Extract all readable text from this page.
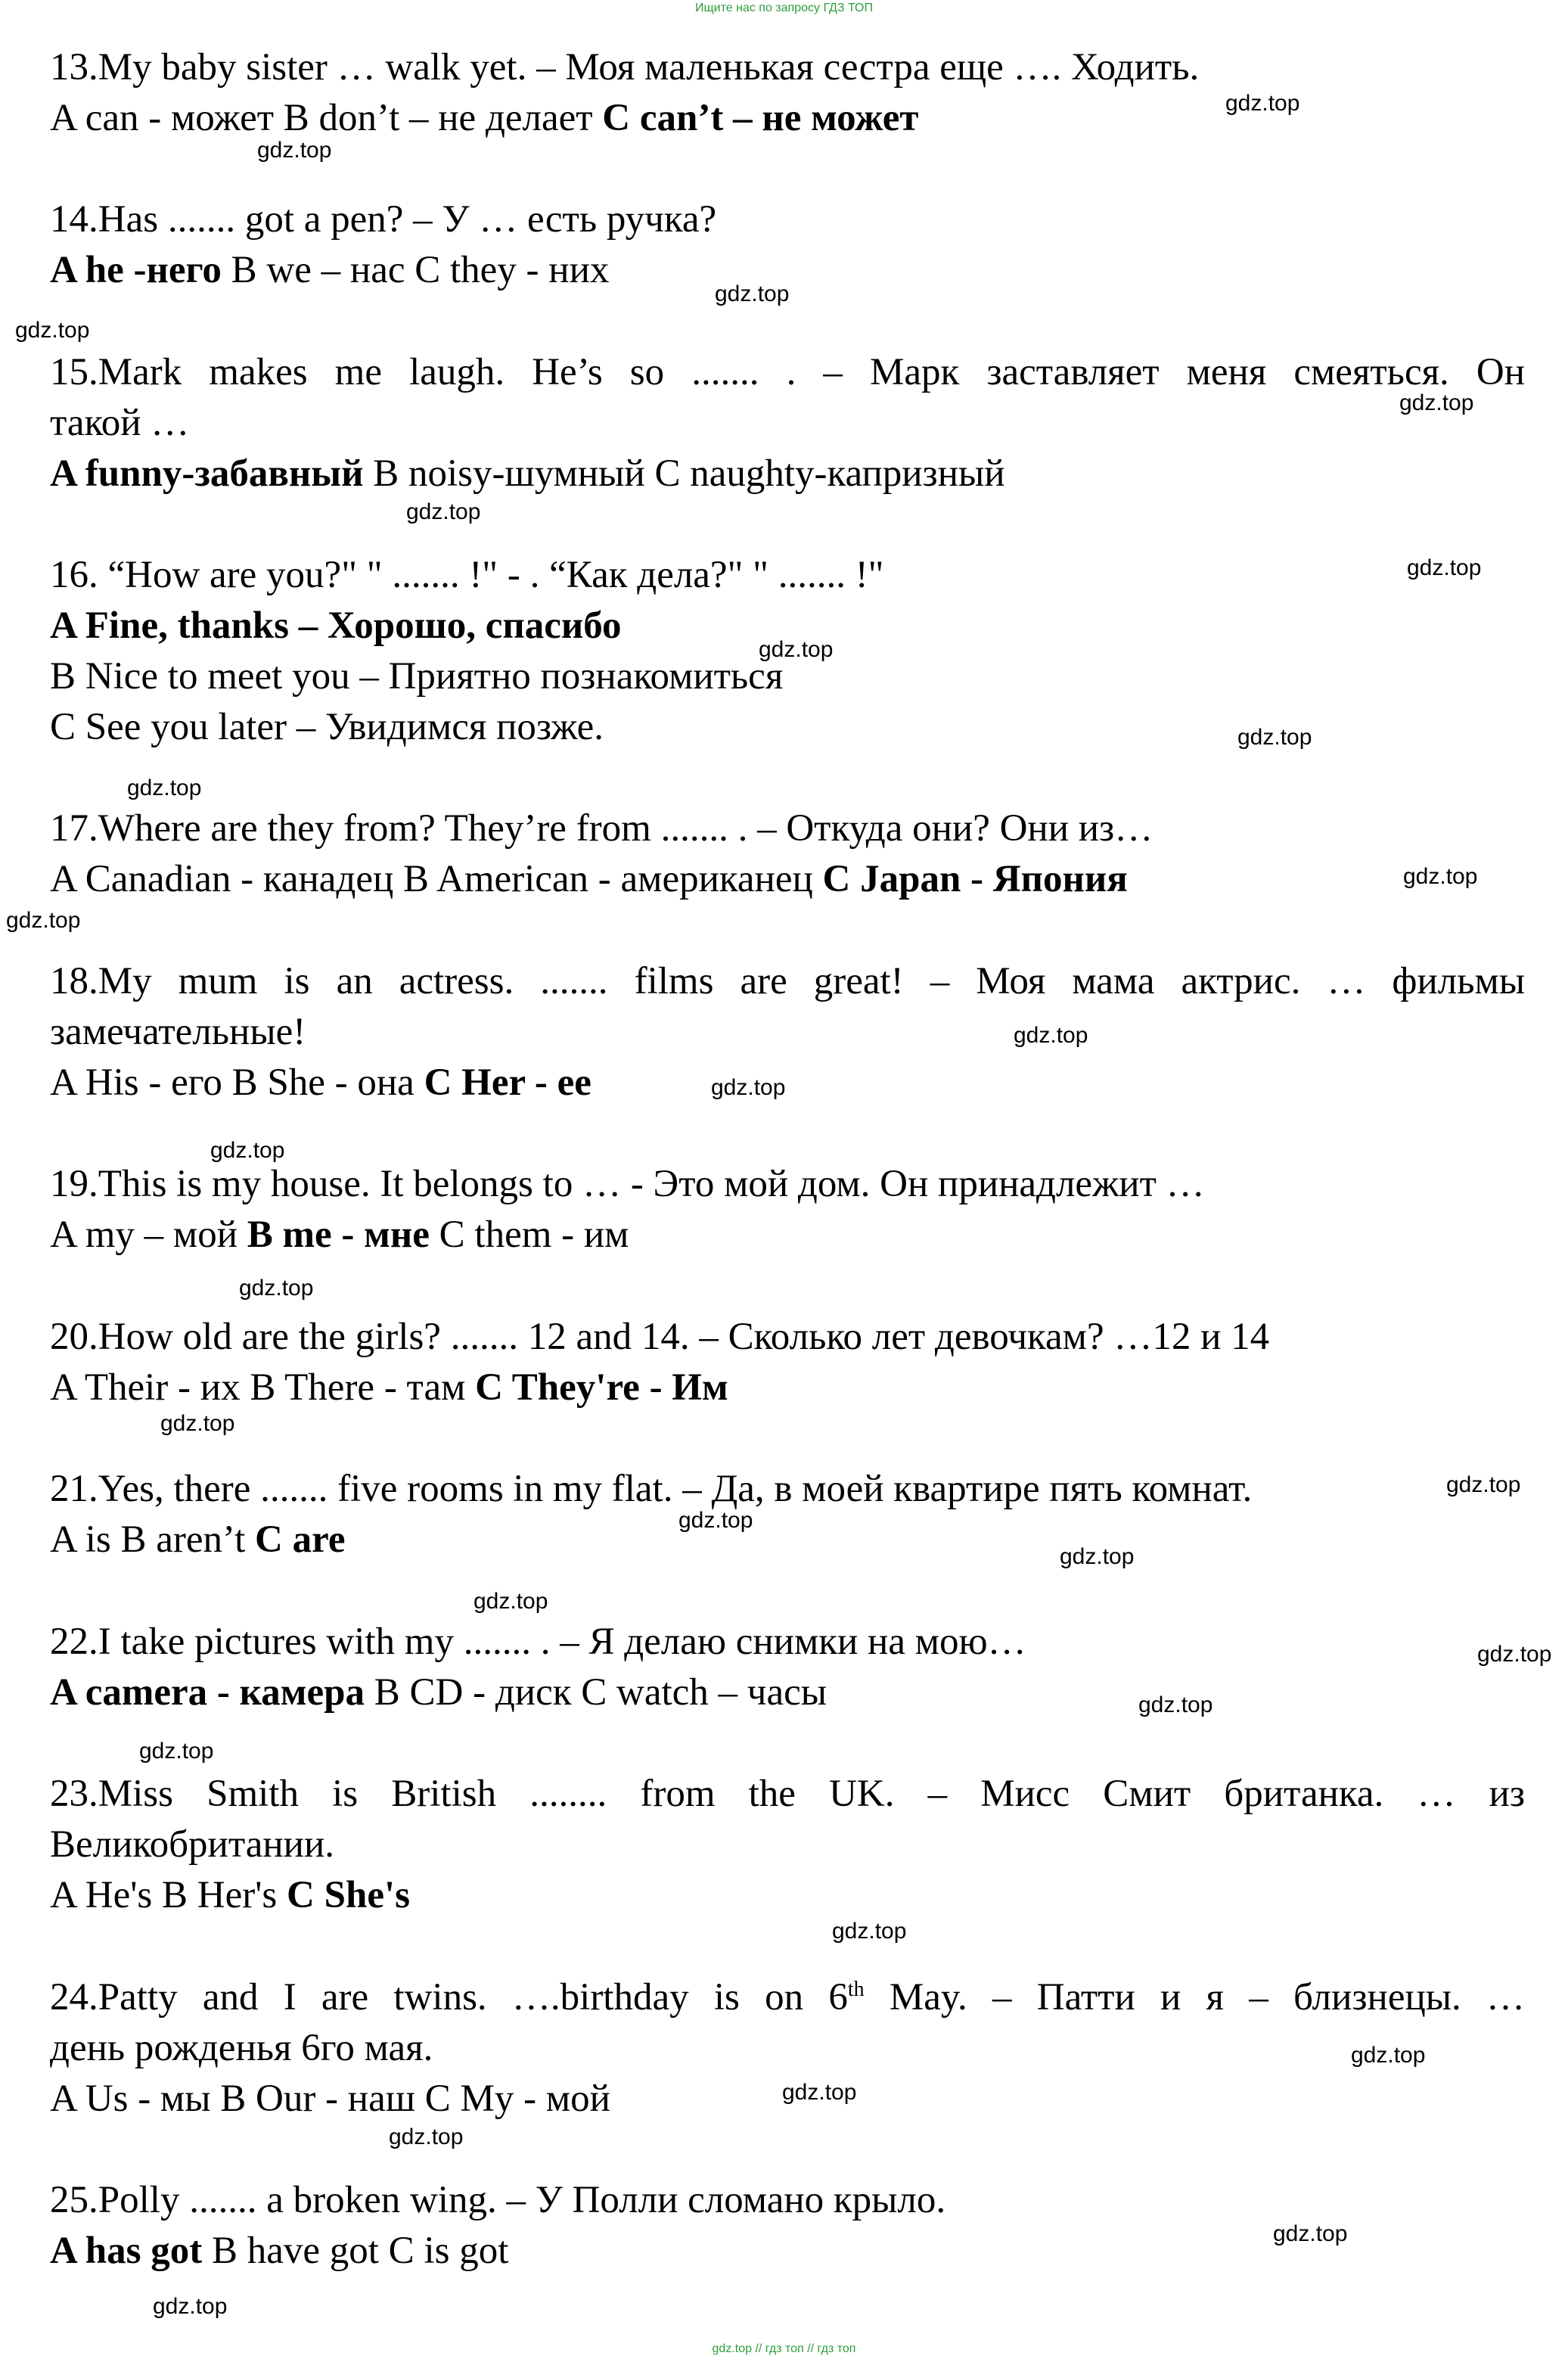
Ищите нас по запросу ГДЗ ТОП
13.My baby sister … walk yet. – Моя маленькая сестра еще …. Ходить.
A can - может B don’t – не делает C can’t – не может
14.Has ....... got a pen? – У … есть ручка?
A he -него B we – нас C they - них
15.Mark makes me laugh. He’s so ....... . – Марк заставляет меня смеяться. Он
такой …
A funny-забавный B noisy-шумный C naughty-капризный
16. “How are you?" " ....... !" - . “Как дела?" " ....... !"
A Fine, thanks – Хорошо, спасибо
B Nice to meet you – Приятно познакомиться
C See you later – Увидимся позже.
17.Where are they from? They’re from ....... . – Откуда они? Они из…
A Canadian - канадец B American - американец C Japan - Япония
18.My mum is an actress. ....... films are great! – Моя мама актрис. … фильмы
замечательные!
A His - его B She - она C Her - ее
19.This is my house. It belongs to … - Это мой дом. Он принадлежит …
A my – мой B me - мне C them - им
20.How old are the girls? ....... 12 and 14. – Сколько лет девочкам? …12 и 14
A Their - их B There - там C They're - Им
21.Yes, there ....... five rooms in my flat. – Да, в моей квартире пять комнат.
A is B aren’t C are
22.I take pictures with my ....... . – Я делаю снимки на мою…
A camera - камера B CD - диск C watch – часы
23.Miss Smith is British ........ from the UK. – Мисс Смит британка. … из
Великобритании.
A He's B Her's C She's
24.Patty and I are twins. ….birthday is on 6th May. – Патти и я – близнецы. …
день рожденья 6го мая.
A Us - мы B Our - наш C My - мой
25.Polly ....... a broken wing. – У Полли сломано крыло.
A has got B have got C is got
gdz.top
gdz.top
gdz.top
gdz.top
gdz.top
gdz.top
gdz.top
gdz.top
gdz.top
gdz.top
gdz.top
gdz.top
gdz.top
gdz.top
gdz.top
gdz.top
gdz.top
gdz.top
gdz.top
gdz.top
gdz.top
gdz.top
gdz.top
gdz.top
gdz.top
gdz.top
gdz.top
gdz.top
gdz.top
gdz.top
gdz.top // гдз топ // гдз топ
